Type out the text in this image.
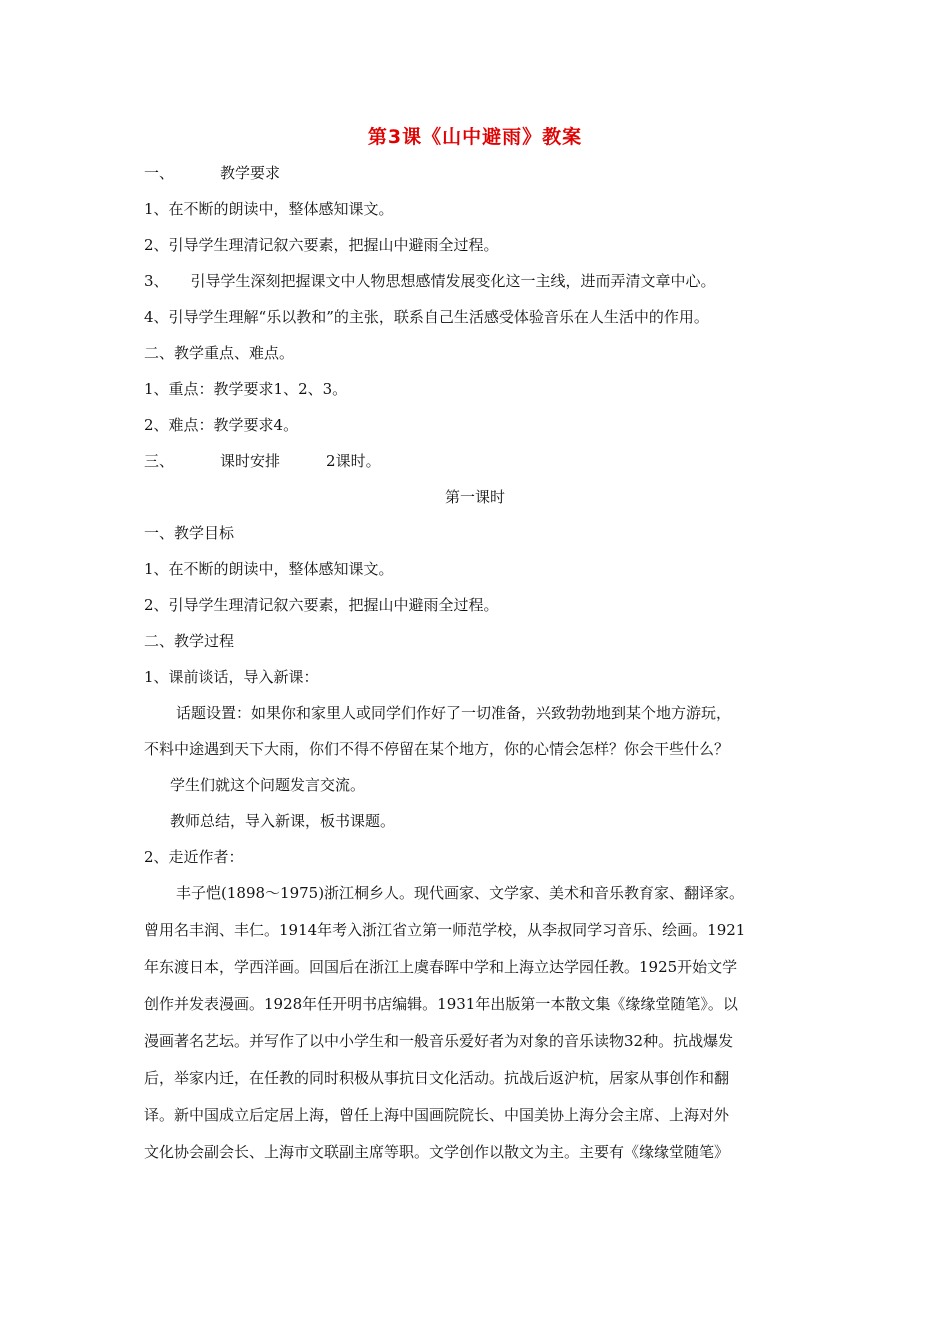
第3课《山中避雨》教案
一、	教学要求
1、在不断的朗读中，整体感知课文。
2、引导学生理清记叙六要素，把握山中避雨全过程。
3、 引导学生深刻把握课文中人物思想感情发展变化这一主线，进而弄清文章中心。
4、引导学生理解“乐以教和”的主张，联系自己生活感受体验音乐在人生活中的作用。
二、教学重点、难点。
1、重点：教学要求1、2、3。
2、难点：教学要求4。
三、	课时安排	2课时。
第一课时
一、教学目标
1、在不断的朗读中，整体感知课文。
2、引导学生理清记叙六要素，把握山中避雨全过程。
二、教学过程
1、课前谈话，导入新课：
话题设置：如果你和家里人或同学们作好了一切准备，兴致勃勃地到某个地方游玩，
不料中途遇到天下大雨，你们不得不停留在某个地方，你的心情会怎样？你会干些什么？
学生们就这个问题发言交流。
教师总结，导入新课，板书课题。
2、走近作者：
丰子恺(1898～1975)浙江桐乡人。现代画家、文学家、美术和音乐教育家、翻译家。
曾用名丰润、丰仁。1914年考入浙江省立第一师范学校，从李叔同学习音乐、绘画。1921
年东渡日本，学西洋画。回国后在浙江上虞春晖中学和上海立达学园任教。1925开始文学
创作并发表漫画。1928年任开明书店编辑。1931年出版第一本散文集《缘缘堂随笔》。以
漫画著名艺坛。并写作了以中小学生和一般音乐爱好者为对象的音乐读物32种。抗战爆发
后，举家内迁，在任教的同时积极从事抗日文化活动。抗战后返沪杭，居家从事创作和翻
译。新中国成立后定居上海，曾任上海中国画院院长、中国美协上海分会主席、上海对外
文化协会副会长、上海市文联副主席等职。文学创作以散文为主。主要有《缘缘堂随笔》
